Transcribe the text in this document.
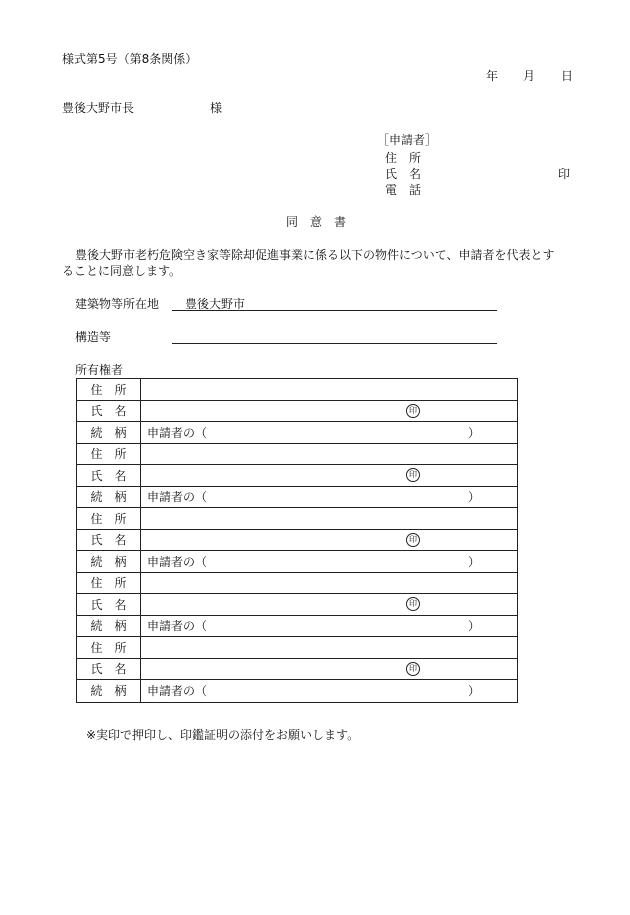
様式第5号（第8条関係）
年 月 日
豊後大野市長	様
［申請者］
住　所
氏　名	印
電　話
同　意　書
豊後大野市老朽危険空き家等除却促進事業に係る以下の物件について、申請者を代表とす
ることに同意します。
建築物等所在地 豊後大野市
構造等
所有権者
住所
氏名	印
続柄 申請者の（	）
住所
氏名	印
続柄 申請者の（	）
住所
氏名	印
続柄 申請者の（	）
住所
氏名	印
続柄 申請者の（	）
住所
氏名	印
続柄 申請者の（	）
※実印で押印し、印鑑証明の添付をお願いします。
